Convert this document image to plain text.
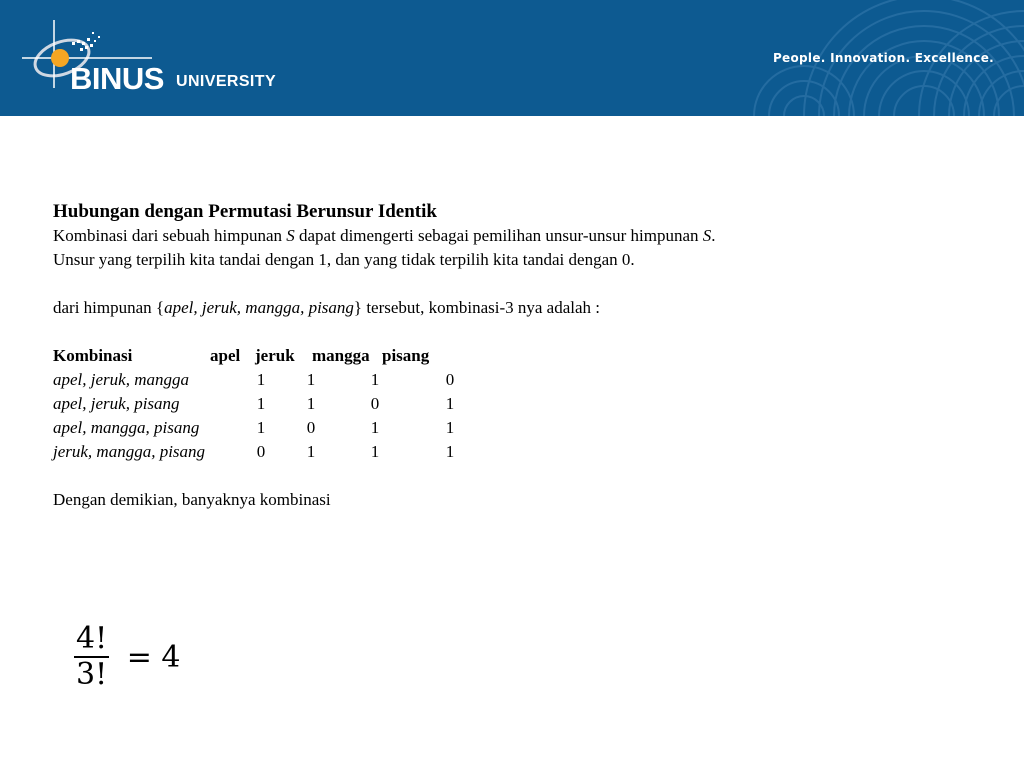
BINUS UNIVERSITY
People. Innovation. Excellence.
Hubungan dengan Permutasi Berunsur Identik
Kombinasi dari sebuah himpunan S dapat dimengerti sebagai pemilihan unsur-unsur himpunan S.
Unsur yang terpilih kita tandai dengan 1, dan yang tidak terpilih kita tandai dengan 0.
dari himpunan {apel, jeruk, mangga, pisang} tersebut, kombinasi-3 nya adalah :
Kombinasi	apel	jeruk	mangga	pisang
apel, jeruk, mangga	1	1	1	0
apel, jeruk, pisang	1	1	0	1
apel, mangga, pisang	1	0	1	1
jeruk, mangga, pisang	0	1	1	1
Dengan demikian, banyaknya kombinasi
$\frac{4!}{3!} = 4$
